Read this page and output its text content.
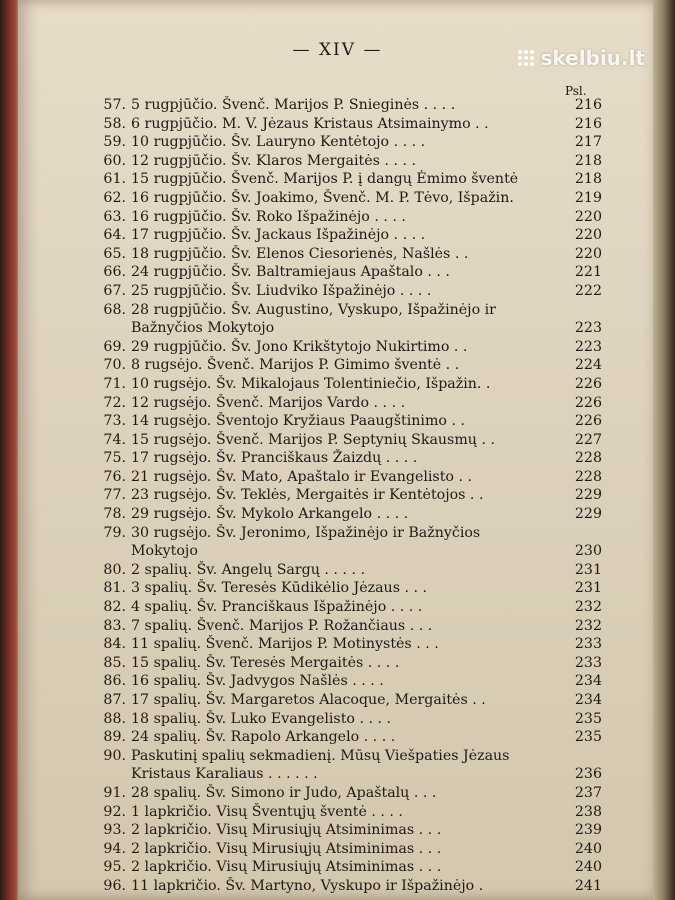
— XIV —	skelbiu.lt
Psl.
57. 5 rugpjūčio. Švenč. Marijos P. Snieginės . . . .	216
58. 6 rugpjūčio. M. V. Jėzaus Kristaus Atsimainymo . .	216
59. 10 rugpjūčio. Šv. Lauryno Kentėtojo . . . .	217
60. 12 rugpjūčio. Šv. Klaros Mergaitės . . . .	218
61. 15 rugpjūčio. Švenč. Marijos P. į dangų Ėmimo šventė	218
62. 16 rugpjūčio. Šv. Joakimo, Švenč. M. P. Tėvo, Išpažin.	219
63. 16 rugpjūčio. Šv. Roko Išpažinėjo . . . .	220
64. 17 rugpjūčio. Šv. Jackaus Išpažinėjo . . . .	220
65. 18 rugpjūčio. Šv. Elenos Ciesorienės, Našlės . .	220
66. 24 rugpjūčio. Šv. Baltramiejaus Apaštalo . . .	221
67. 25 rugpjūčio. Šv. Liudviko Išpažinėjo . . . .	222
68. 28 rugpjūčio. Šv. Augustino, Vyskupo, Išpažinėjo ir
Bažnyčios Mokytojo	223
69. 29 rugpjūčio. Šv. Jono Krikštytojo Nukirtimo . .	223
70. 8 rugsėjo. Švenč. Marijos P. Gimimo šventė . .	224
71. 10 rugsėjo. Šv. Mikalojaus Tolentiniečio, Išpažin. .	226
72. 12 rugsėjo. Švenč. Marijos Vardo . . . .	226
73. 14 rugsėjo. Šventojo Kryžiaus Paaugštinimo . .	226
74. 15 rugsėjo. Švenč. Marijos P. Septynių Skausmų . .	227
75. 17 rugsėjo. Šv. Pranciškaus Žaizdų . . . .	228
76. 21 rugsėjo. Šv. Mato, Apaštalo ir Evangelisto . .	228
77. 23 rugsėjo. Šv. Teklės, Mergaitės ir Kentėtojos . .	229
78. 29 rugsėjo. Šv. Mykolo Arkangelo . . . .	229
79. 30 rugsėjo. Šv. Jeronimo, Išpažinėjo ir Bažnyčios
Mokytojo	230
80. 2 spalių. Šv. Angelų Sargų . . . . .	231
81. 3 spalių. Šv. Teresės Kūdikėlio Jėzaus . . .	231
82. 4 spalių. Šv. Pranciškaus Išpažinėjo . . . .	232
83. 7 spalių. Švenč. Marijos P. Rožančiaus . . .	232
84. 11 spalių. Švenč. Marijos P. Motinystės . . .	233
85. 15 spalių. Šv. Teresės Mergaitės . . . .	233
86. 16 spalių. Šv. Jadvygos Našlės . . . .	234
87. 17 spalių. Šv. Margaretos Alacoque, Mergaitės . .	234
88. 18 spalių. Šv. Luko Evangelisto . . . .	235
89. 24 spalių. Šv. Rapolo Arkangelo . . . .	235
90. Paskutinį spalių sekmadienį. Mūsų Viešpaties Jėzaus
Kristaus Karaliaus . . . . . .	236
91. 28 spalių. Šv. Simono ir Judo, Apaštalų . . .	237
92. 1 lapkričio. Visų Šventųjų šventė . . . .	238
93. 2 lapkričio. Visų Mirusiųjų Atsiminimas . . .	239
94. 2 lapkričio. Visų Mirusiųjų Atsiminimas . . .	240
95. 2 lapkričio. Visų Mirusiųjų Atsiminimas . . .	240
96. 11 lapkričio. Šv. Martyno, Vyskupo ir Išpažinėjo .	241
